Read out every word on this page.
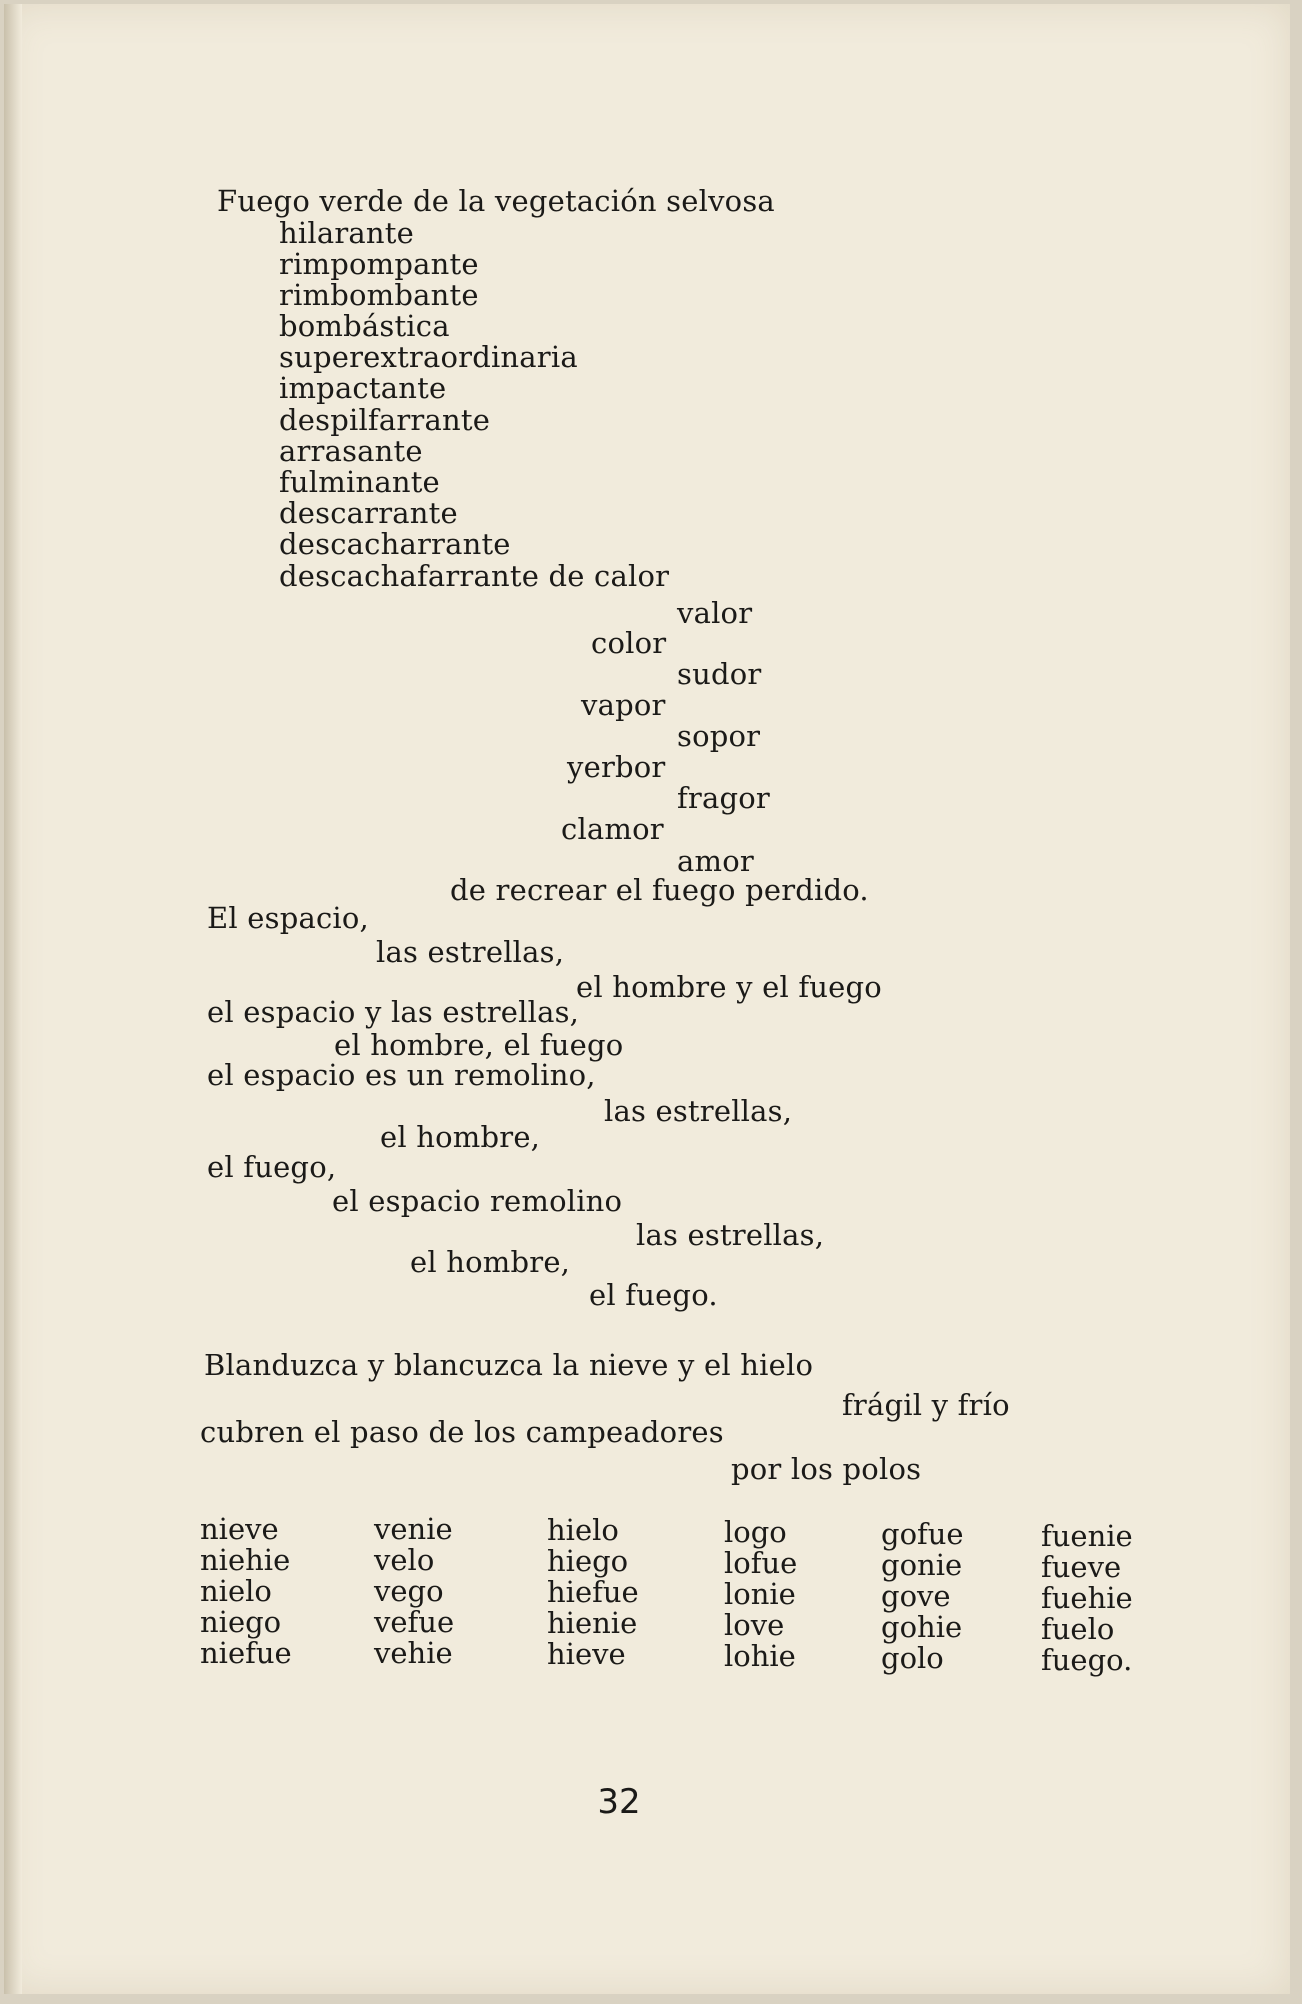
Fuego verde de la vegetación selvosa
hilarante
rimpompante
rimbombante
bombástica
superextraordinaria
impactante
despilfarrante
arrasante
fulminante
descarrante
descacharrante
descachafarrante de calor
valor
color
sudor
vapor
sopor
yerbor
fragor
clamor
amor
de recrear el fuego perdido.
El espacio,
las estrellas,
el hombre y el fuego
el espacio y las estrellas,
el hombre, el fuego
el espacio es un remolino,
las estrellas,
el hombre,
el fuego,
el espacio remolino
las estrellas,
el hombre,
el fuego.
Blanduzca y blancuzca la nieve y el hielo
frágil y frío
cubren el paso de los campeadores
por los polos
nieve
niehie
nielo
niego
niefue
venie
velo
vego
vefue
vehie
hielo
hiego
hiefue
hienie
hieve
logo
lofue
lonie
love
lohie
gofue
gonie
gove
gohie
golo
fuenie
fueve
fuehie
fuelo
fuego.
32
